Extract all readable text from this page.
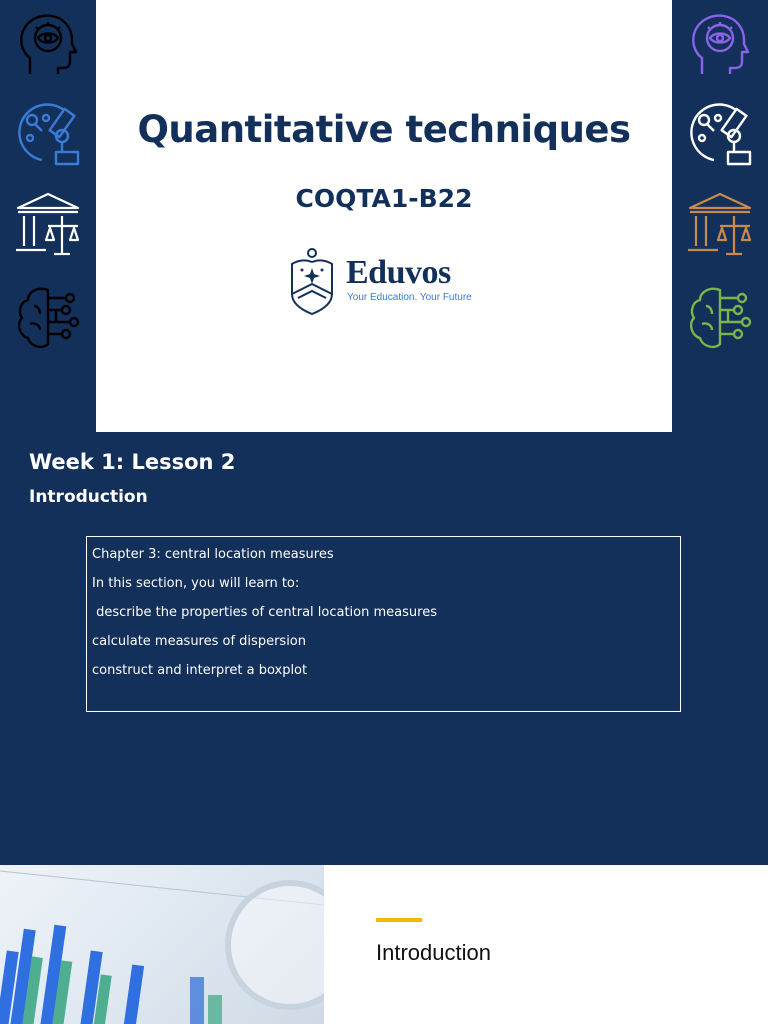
Quantitative techniques
COQTA1-B22
Eduvos
Your Education. Your Future
Week 1: Lesson 2
Introduction
Chapter 3: central location measures
In this section, you will learn to:
describe the properties of central location measures
calculate measures of dispersion
construct and interpret a boxplot
Introduction
